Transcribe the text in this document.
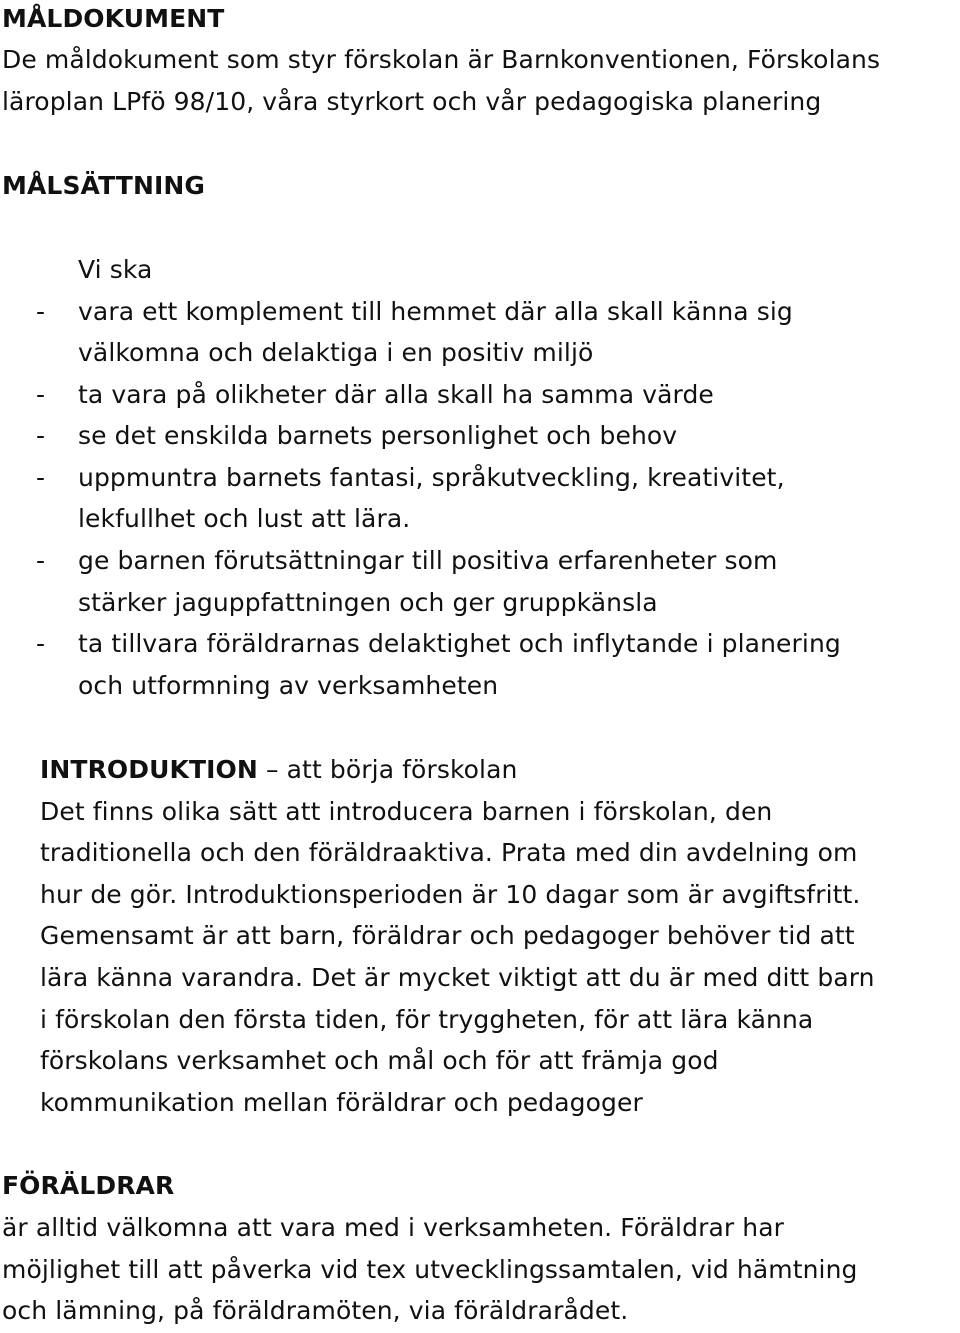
MÅLDOKUMENT
De måldokument som styr förskolan är Barnkonventionen, Förskolans
läroplan LPfö 98/10, våra styrkort och vår pedagogiska planering
MÅLSÄTTNING
Vi ska
- vara ett komplement till hemmet där alla skall känna sig
välkomna och delaktiga i en positiv miljö
- ta vara på olikheter där alla skall ha samma värde
- se det enskilda barnets personlighet och behov
- uppmuntra barnets fantasi, språkutveckling, kreativitet,
lekfullhet och lust att lära.
- ge barnen förutsättningar till positiva erfarenheter som
stärker jaguppfattningen och ger gruppkänsla
- ta tillvara föräldrarnas delaktighet och inflytande i planering
och utformning av verksamheten
INTRODUKTION – att börja förskolan
Det finns olika sätt att introducera barnen i förskolan, den
traditionella och den föräldraaktiva. Prata med din avdelning om
hur de gör. Introduktionsperioden är 10 dagar som är avgiftsfritt.
Gemensamt är att barn, föräldrar och pedagoger behöver tid att
lära känna varandra. Det är mycket viktigt att du är med ditt barn
i förskolan den första tiden, för tryggheten, för att lära känna
förskolans verksamhet och mål och för att främja god
kommunikation mellan föräldrar och pedagoger
FÖRÄLDRAR
är alltid välkomna att vara med i verksamheten. Föräldrar har
möjlighet till att påverka vid tex utvecklingssamtalen, vid hämtning
och lämning, på föräldramöten, via föräldrarådet.
